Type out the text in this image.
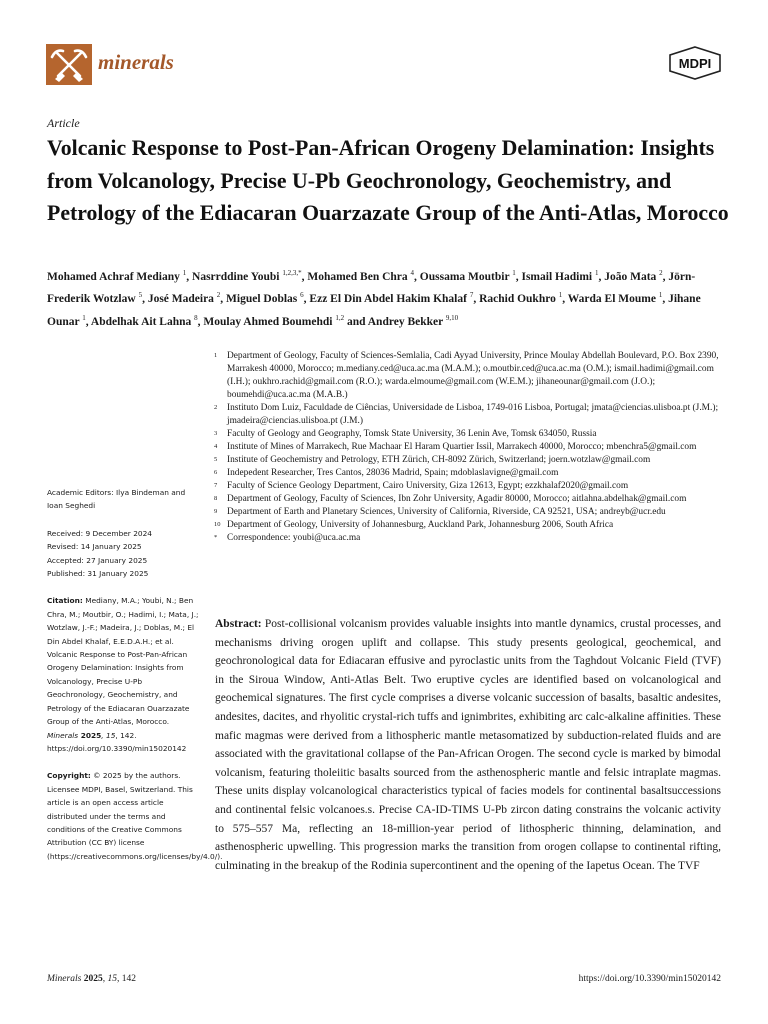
minerals	MDPI
Article
Volcanic Response to Post-Pan-African Orogeny Delamination: Insights from Volcanology, Precise U-Pb Geochronology, Geochemistry, and Petrology of the Ediacaran Ouarzazate Group of the Anti-Atlas, Morocco
Mohamed Achraf Mediany $^1$, Nasrrddine Youbi $^{1,2,3,*}$, Mohamed Ben Chra $^4$, Oussama Moutbir $^1$, Ismail Hadimi $^1$, João Mata $^2$, Jörn-Frederik Wotzlaw $^5$, José Madeira $^2$, Miguel Doblas $^6$, Ezz El Din Abdel Hakim Khalaf $^7$, Rachid Oukhro $^1$, Warda El Moume $^1$, Jihane Ounar $^1$, Abdelhak Ait Lahna $^8$, Moulay Ahmed Boumehdi $^{1,2}$ and Andrey Bekker $^{9,10}$
1 Department of Geology, Faculty of Sciences-Semlalia, Cadi Ayyad University, Prince Moulay Abdellah Boulevard, P.O. Box 2390, Marrakesh 40000, Morocco; m.mediany.ced@uca.ac.ma (M.A.M.); o.moutbir.ced@uca.ac.ma (O.M.); ismail.hadimi@gmail.com (I.H.); oukhro.rachid@gmail.com (R.O.); warda.elmoume@gmail.com (W.E.M.); jihaneounar@gmail.com (J.O.); boumehdi@uca.ac.ma (M.A.B.)
2 Instituto Dom Luiz, Faculdade de Ciências, Universidade de Lisboa, 1749-016 Lisboa, Portugal; jmata@ciencias.ulisboa.pt (J.M.); jmadeira@ciencias.ulisboa.pt (J.M.)
3 Faculty of Geology and Geography, Tomsk State University, 36 Lenin Ave, Tomsk 634050, Russia
4 Institute of Mines of Marrakech, Rue Machaar El Haram Quartier Issil, Marrakech 40000, Morocco; mbenchra5@gmail.com
5 Institute of Geochemistry and Petrology, ETH Zürich, CH-8092 Zürich, Switzerland; joern.wotzlaw@gmail.com
6 Indepedent Researcher, Tres Cantos, 28036 Madrid, Spain; mdoblaslavigne@gmail.com
7 Faculty of Science Geology Department, Cairo University, Giza 12613, Egypt; ezzkhalaf2020@gmail.com
8 Department of Geology, Faculty of Sciences, Ibn Zohr University, Agadir 80000, Morocco; aitlahna.abdelhak@gmail.com
9 Department of Earth and Planetary Sciences, University of California, Riverside, CA 92521, USA; andreyb@ucr.edu
10 Department of Geology, University of Johannesburg, Auckland Park, Johannesburg 2006, South Africa
* Correspondence: youbi@uca.ac.ma
Academic Editors: Ilya Bindeman and Ioan Seghedi
Received: 9 December 2024
Revised: 14 January 2025
Accepted: 27 January 2025
Published: 31 January 2025
Citation: Mediany, M.A.; Youbi, N.; Ben Chra, M.; Moutbir, O.; Hadimi, I.; Mata, J.; Wotzlaw, J.-F.; Madeira, J.; Doblas, M.; El Din Abdel Khalaf, E.E.D.A.H.; et al. Volcanic Response to Post-Pan-African Orogeny Delamination: Insights from Volcanology, Precise U-Pb Geochronology, Geochemistry, and Petrology of the Ediacaran Ouarzazate Group of the Anti-Atlas, Morocco. Minerals 2025, 15, 142. https://doi.org/10.3390/min15020142
Copyright: © 2025 by the authors. Licensee MDPI, Basel, Switzerland. This article is an open access article distributed under the terms and conditions of the Creative Commons Attribution (CC BY) license (https://creativecommons.org/licenses/by/4.0/).

Abstract: Post-collisional volcanism provides valuable insights into mantle dynamics, crustal processes, and mechanisms driving orogen uplift and collapse. This study presents geological, geochemical, and geochronological data for Ediacaran effusive and pyroclastic units from the Taghdout Volcanic Field (TVF) in the Siroua Window, Anti-Atlas Belt. Two eruptive cycles are identified based on volcanological and geochemical signatures. The first cycle comprises a diverse volcanic succession of basalts, basaltic andesites, andesites, dacites, and rhyolitic crystal-rich tuffs and ignimbrites, exhibiting arc calc-alkaline affinities. These mafic magmas were derived from a lithospheric mantle metasomatized by subduction-related fluids and are associated with the gravitational collapse of the Pan-African Orogen. The second cycle is marked by bimodal volcanism, featuring tholeiitic basalts sourced from the asthenospheric mantle and felsic intraplate magmas. These units display volcanological characteristics typical of facies models for continental basaltsuccessions and continental felsic volcanoes.s. Precise CA-ID-TIMS U-Pb zircon dating constrains the volcanic activity to 575–557 Ma, reflecting an 18-million-year period of lithospheric thinning, delamination, and asthenospheric upwelling. This progression marks the transition from orogen collapse to continental rifting, culminating in the breakup of the Rodinia supercontinent and the opening of the Iapetus Ocean. The TVF

Minerals 2025, 15, 142	https://doi.org/10.3390/min15020142
